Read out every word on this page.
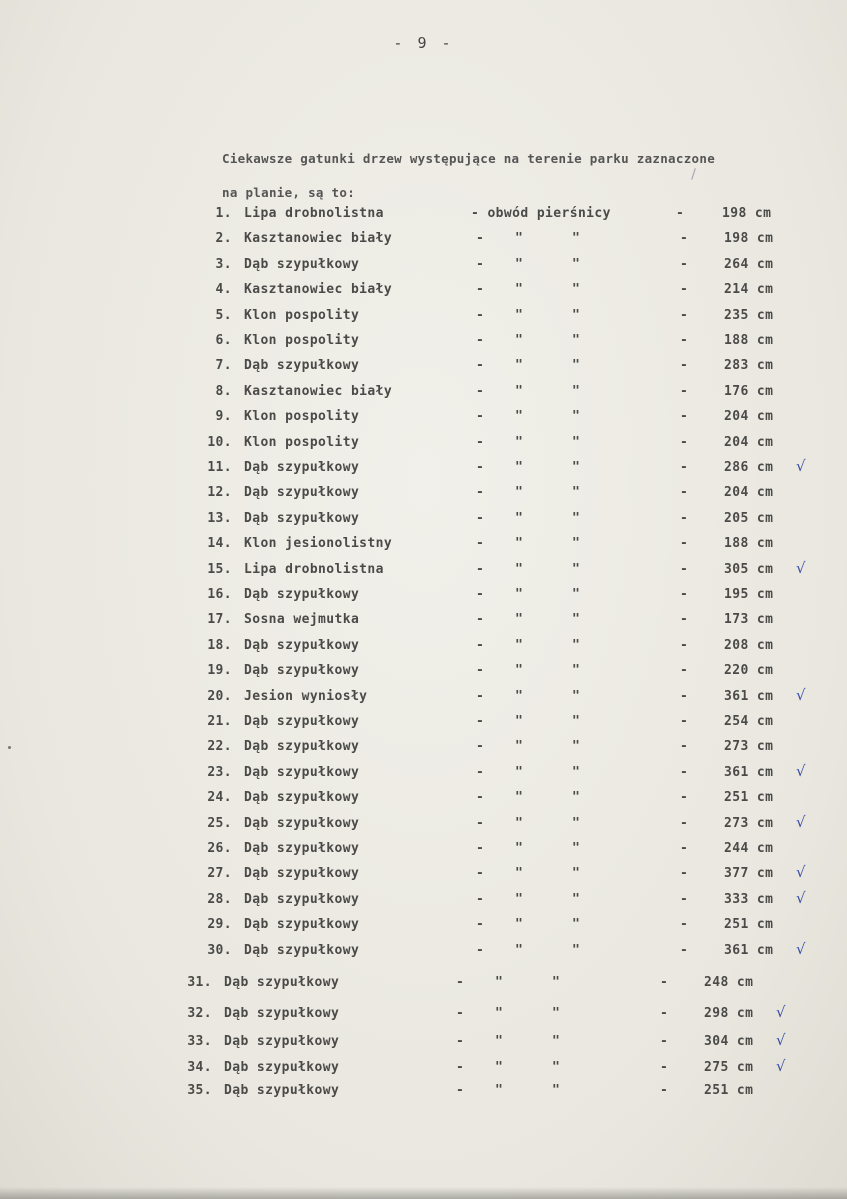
- 9 -
Ciekawsze gatunki drzew występujące na terenie parku zaznaczone
na planie, są to:
1. Lipa drobnolistna	- obwód pierśnicy	-	198 cm
2. Kasztanowiec biały	- "	"	-	198 cm
3. Dąb szypułkowy	- "	"	-	264 cm
4. Kasztanowiec biały	- "	"	-	214 cm
5. Klon pospolity	- "	"	-	235 cm
6. Klon pospolity	- "	"	-	188 cm
7. Dąb szypułkowy	- "	"	-	283 cm
8. Kasztanowiec biały	- "	"	-	176 cm
9. Klon pospolity	- "	"	-	204 cm
10. Klon pospolity	- "	"	-	204 cm
11. Dąb szypułkowy	- "	"	-	286 cm √
12. Dąb szypułkowy	- "	"	-	204 cm
13. Dąb szypułkowy	- "	"	-	205 cm
14. Klon jesionolistny	- "	"	-	188 cm
15. Lipa drobnolistna	- "	"	-	305 cm √
16. Dąb szypułkowy	- "	"	-	195 cm
17. Sosna wejmutka	- "	"	-	173 cm
18. Dąb szypułkowy	- "	"	-	208 cm
19. Dąb szypułkowy	- "	"	-	220 cm
20. Jesion wyniosły	- "	"	-	361 cm √
21. Dąb szypułkowy	- "	"	-	254 cm
22. Dąb szypułkowy	- "	"	-	273 cm
23. Dąb szypułkowy	- "	"	-	361 cm √
24. Dąb szypułkowy	- "	"	-	251 cm
25. Dąb szypułkowy	- "	"	-	273 cm √
26. Dąb szypułkowy	- "	"	-	244 cm
27. Dąb szypułkowy	- "	"	-	377 cm √
28. Dąb szypułkowy	- "	"	-	333 cm √
29. Dąb szypułkowy	- "	"	-	251 cm
30. Dąb szypułkowy	- "	"	-	361 cm √
31. Dąb szypułkowy	- "	"	-	248 cm
32. Dąb szypułkowy	- "	"	-	298 cm √
33. Dąb szypułkowy	- "	"	-	304 cm √
34. Dąb szypułkowy	- "	"	-	275 cm √
35. Dąb szypułkowy	- "	"	-	251 cm
